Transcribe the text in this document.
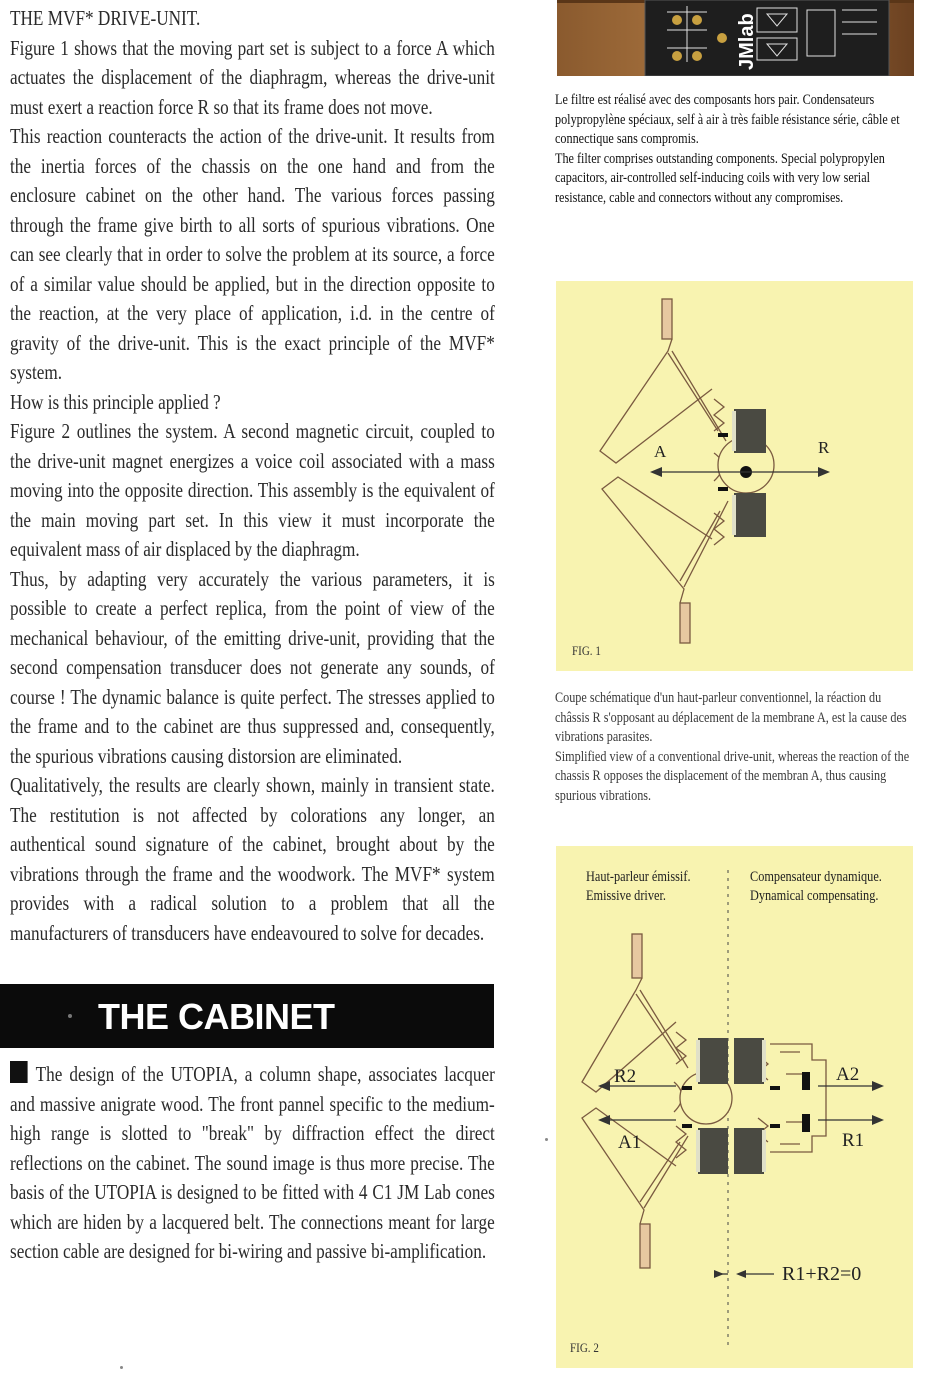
THE MVF* DRIVE-UNIT.

Figure 1 shows that the moving part set is subject to a force A which actuates the displacement of the diaphragm, whereas the drive-unit must exert a reaction force R so that its frame does not move.

This reaction counteracts the action of the drive-unit. It results from the inertia forces of the chassis on the one hand and from the enclosure cabinet on the other hand. The various forces passing through the frame give birth to all sorts of spurious vibrations. One can see clearly that in order to solve the problem at its source, a force of a similar value should be applied, but in the direction opposite to the reaction, at the very place of application, i.d. in the centre of gravity of the drive-unit. This is the exact principle of the MVF* system.

How is this principle applied ?

Figure 2 outlines the system. A second magnetic circuit, coupled to the drive-unit magnet energizes a voice coil associated with a mass moving into the opposite direction. This assembly is the equivalent of the main moving part set. In this view it must incorporate the equivalent mass of air displaced by the diaphragm.

Thus, by adapting very accurately the various parameters, it is possible to create a perfect replica, from the point of view of the mechanical behaviour, of the emitting drive-unit, providing that the second compensation transducer does not generate any sounds, of course ! The dynamic balance is quite perfect. The stresses applied to the frame and to the cabinet are thus suppressed and, consequently, the spurious vibrations causing distorsion are eliminated.

Qualitatively, the results are clearly shown, mainly in transient state. The restitution is not affected by colorations any longer, an authentical sound signature of the cabinet, brought about by the vibrations through the frame and the woodwork. The MVF* system provides with a radical solution to a problem that all the manufacturers of transducers have endeavoured to solve for decades.

THE CABINET

The design of the UTOPIA, a column shape, associates lacquer and massive anigrate wood. The front pannel specific to the medium-high range is slotted to "break" by diffraction effect the direct reflections on the cabinet. The sound image is thus more precise. The basis of the UTOPIA is designed to be fitted with 4 C1 JM Lab cones which are hiden by a lacquered belt. The connections meant for large section cable are designed for bi-wiring and passive bi-amplification.

JMlab

Le filtre est réalisé avec des composants hors pair. Condensateurs polypropylène spéciaux, self à air à très faible résistance série, câble et connectique sans compromis.

The filter comprises outstanding components. Special polypropylen capacitors, air-controlled self-inducing coils with very low serial resistance, cable and connectors without any compromises.

A	R
FIG. 1

Coupe schématique d'un haut-parleur conventionnel, la réaction du châssis R s'opposant au déplacement de la membrane A, est la cause des vibrations parasites.

Simplified view of a conventional drive-unit, whereas the reaction of the chassis R opposes the displacement of the membran A, thus causing spurious vibrations.

Haut-parleur émissif.
Emissive driver.
Compensateur dynamique.
Dynamical compensating.
R2
A1
A2
R1
R1+R2=0
FIG. 2
